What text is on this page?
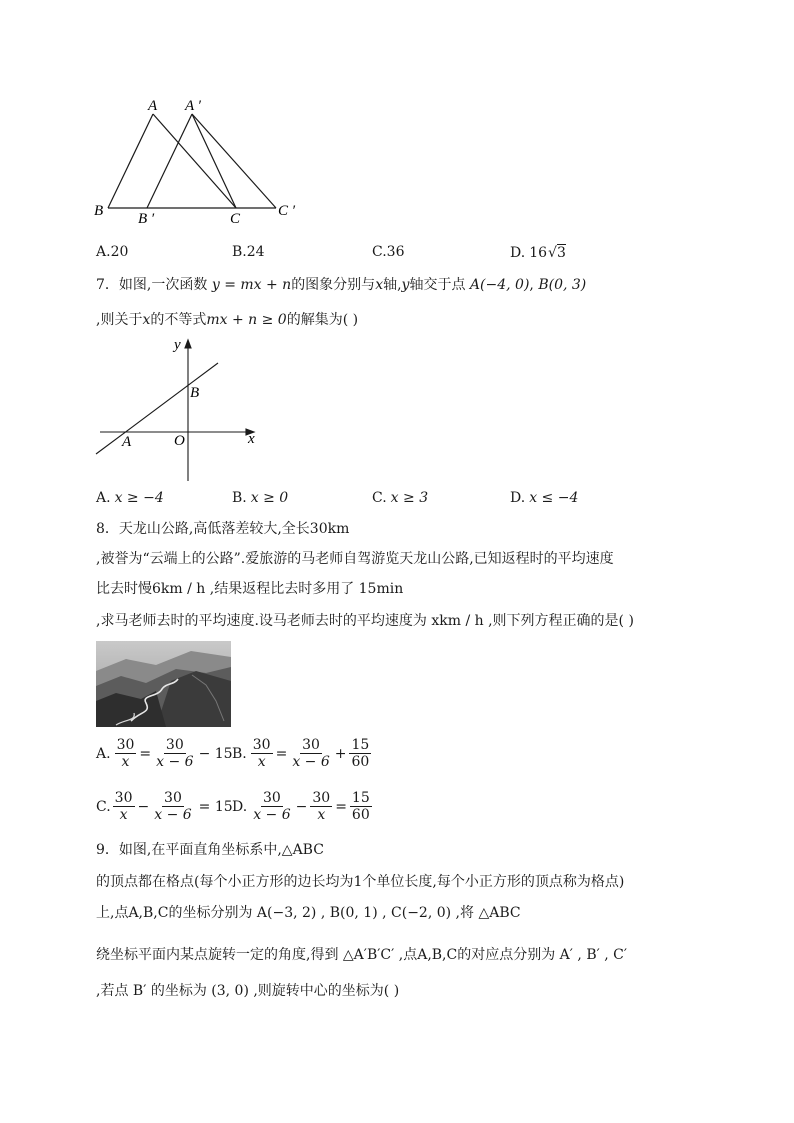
A A ′
B B ′	C	C ′
A. 20	B. 24	C. 36	D. 16 √ 3
7．如图,一次函数 y = mx + n的图象分别与x轴,y轴交于点 A(−4, 0), B(0, 3)
,则关于x的不等式mx + n ≥ 0的解集为( )
y
x
A
B
O
A. x ≥ −4	B. x ≥ 0	C. x ≥ 3	D. x ≤ −4
8．天龙山公路,高低落差较大,全长30km
,被誉为“云端上的公路”.爱旅游的马老师自驾游览天龙山公路,已知返程时的平均速度
比去时慢6km / h ,结果返程比去时多用了 15min
,求马老师去时的平均速度.设马老师去时的平均速度为 xkm / h ,则下列方程正确的是( )
A. $\frac{30}{x} = \frac{30}{x - 6} - 15$ B. $\frac{30}{x} = \frac{30}{x - 6} + \frac{15}{60}$
C. $\frac{30}{x} - \frac{30}{x - 6} = 15$ D. $\frac{30}{x - 6} - \frac{30}{x} = \frac{15}{60}$
9．如图,在平面直角坐标系中,△ABC
的顶点都在格点(每个小正方形的边长均为1个单位长度,每个小正方形的顶点称为格点)
上,点A,B,C的坐标分别为 A(−3, 2) , B(0, 1) , C(−2, 0) ,将 △ABC
绕坐标平面内某点旋转一定的角度,得到 △A′B′C′ ,点A,B,C的对应点分别为 A′ , B′ , C′
,若点 B′ 的坐标为 (3, 0) ,则旋转中心的坐标为( )
